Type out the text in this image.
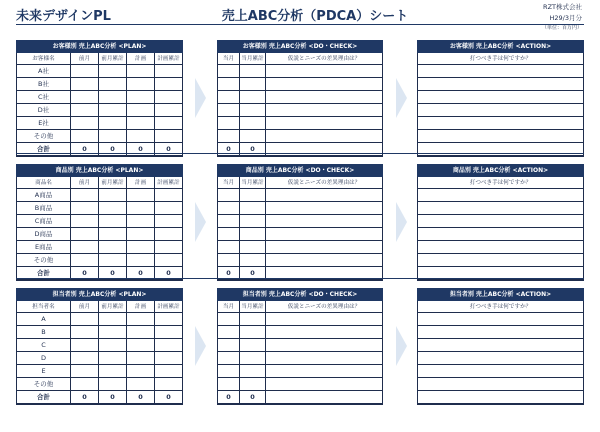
未来デザインPL	売上ABC分析（PDCA）シート
RZT株式会社
H29/3月分
（単位：百万円）
お客様別 売上ABC分析 <PLAN>				
お客様名	前月	前月累計	計画	計画累計
A社				
B社				
C社				
D社				
E社				
その他				
合計	0	0	0	0
お客様別 売上ABC分析 <DO・CHECK>		
当月	当月累計	仮説とニーズの差異理由は？

0	0	
お客様別 売上ABC分析 <ACTION>
打つべき手は何ですか？

商品別 売上ABC分析 <PLAN>				
商品名	前月	前月累計	計画	計画累計
A商品				
B商品				
C商品				
D商品				
E商品				
その他				
合計	0	0	0	0
商品別 売上ABC分析 <DO・CHECK>		
当月	当月累計	仮説とニーズの差異理由は？

0	0	
商品別 売上ABC分析 <ACTION>
打つべき手は何ですか？

担当者別 売上ABC分析 <PLAN>				
担当者名	前月	前月累計	計画	計画累計
A				
B				
C				
D				
E				
その他				
合計	0	0	0	0
担当者別 売上ABC分析 <DO・CHECK>		
当月	当月累計	仮説とニーズの差異理由は？

0	0	
担当者別 売上ABC分析 <ACTION>
打つべき手は何ですか？
